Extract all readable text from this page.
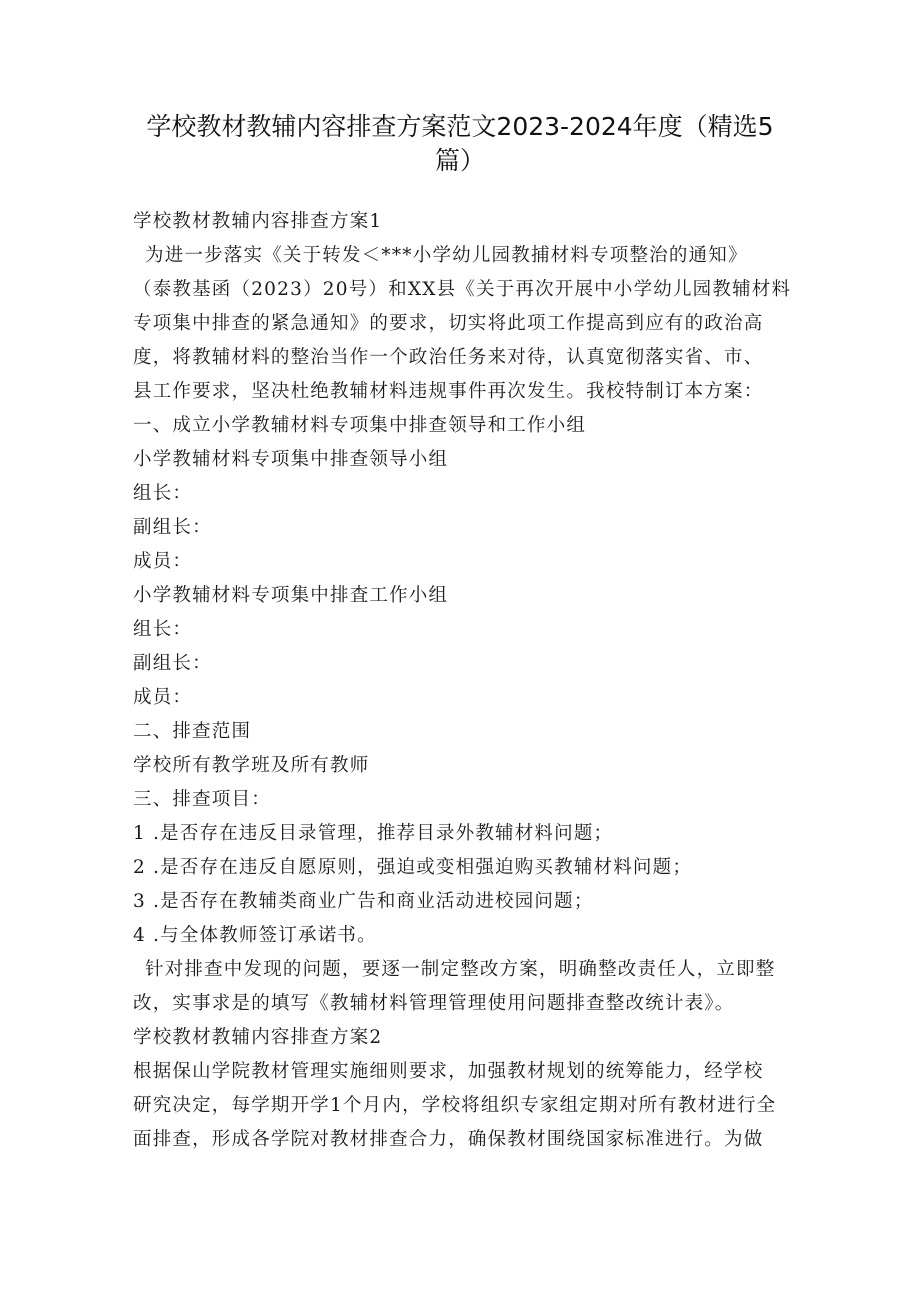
学校教材教辅内容排查方案范文2023-2024年度（精选5
篇）
学校教材教辅内容排查方案1
为进一步落实《关于转发＜***小学幼儿园教捕材料专项整治的通知》
（泰教基函（2023）20号）和XX县《关于再次开展中小学幼儿园教辅材料
专项集中排查的紧急通知》的要求，切实将此项工作提高到应有的政治高
度，将教辅材料的整治当作一个政治任务来对待，认真宽彻落实省、市、
县工作要求，坚决杜绝教辅材料违规事件再次发生。我校特制订本方案：
一、成立小学教辅材料专项集中排查领导和工作小组
小学教辅材料专项集中排查领导小组
组长：
副组长：
成员：
小学教辅材料专项集中排査工作小组
组长：
副组长：
成员：
二、排查范围
学校所有教学班及所有教师
三、排查项目：
1 .是否存在违反目录管理，推荐目录外教辅材料问题；
2 .是否存在违反自愿原则，强迫或变相强迫购买教辅材料问题；
3 .是否存在教辅类商业广告和商业活动进校园问题；
4 .与全体教师签订承诺书。
针对排查中发现的问题，要逐一制定整改方案，明确整改责任人，立即整
改，实事求是的填写《教辅材料管理管理使用问题排查整改统计表》。
学校教材教辅内容排查方案2
根据保山学院教材管理实施细则要求，加强教材规划的统筹能力，经学校
研究决定，每学期开学1个月内，学校将组织专家组定期对所有教材进行全
面排查，形成各学院对教材排查合力，确保教材围绕国家标准进行。为做
